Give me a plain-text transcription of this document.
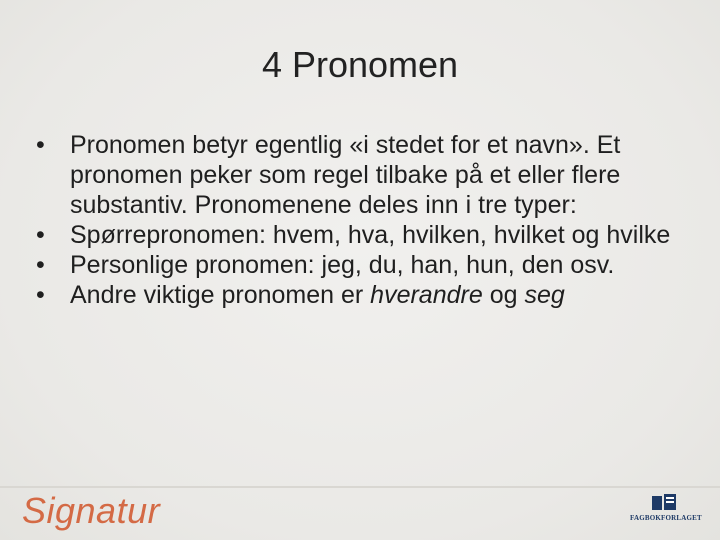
4 Pronomen
• Pronomen betyr egentlig «i stedet for et navn». Et pronomen peker som regel tilbake på et eller flere substantiv. Pronomenene deles inn i tre typer:
• Spørrepronomen: hvem, hva, hvilken, hvilket og hvilke
• Personlige pronomen: jeg, du, han, hun, den osv.
• Andre viktige pronomen er hverandre og seg
Signatur	FAGBOKFORLAGET
